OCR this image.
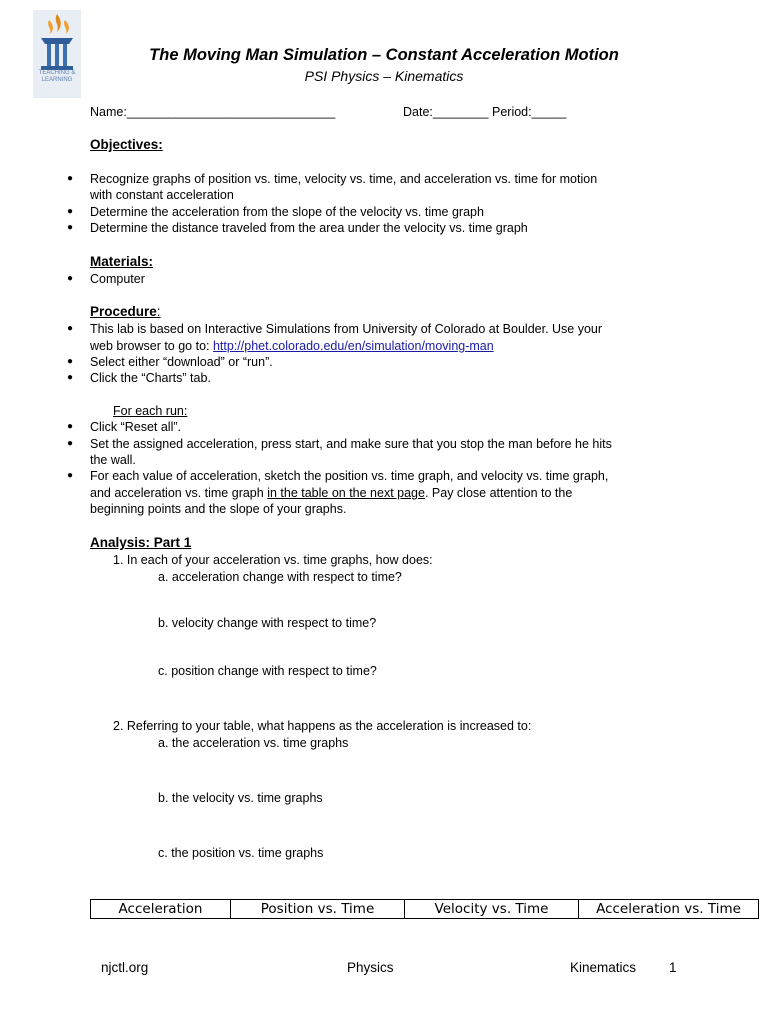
TEACHING & LEARNING
The Moving Man Simulation – Constant Acceleration Motion
PSI Physics – Kinematics
Name:______________________________	Date:________ Period:_____
Objectives:
● Recognize graphs of position vs. time, velocity vs. time, and acceleration vs. time for motion
with constant acceleration
● Determine the acceleration from the slope of the velocity vs. time graph
● Determine the distance traveled from the area under the velocity vs. time graph
Materials:
● Computer
Procedure:
● This lab is based on Interactive Simulations from University of Colorado at Boulder. Use your
web browser to go to: http://phet.colorado.edu/en/simulation/moving-man
● Select either “download” or “run”.
● Click the “Charts” tab.
For each run:
● Click “Reset all”.
● Set the assigned acceleration, press start, and make sure that you stop the man before he hits
the wall.
● For each value of acceleration, sketch the position vs. time graph, and velocity vs. time graph,
and acceleration vs. time graph in the table on the next page. Pay close attention to the
beginning points and the slope of your graphs.
Analysis: Part 1
1. In each of your acceleration vs. time graphs, how does:
a. acceleration change with respect to time?
b. velocity change with respect to time?
c. position change with respect to time?
2. Referring to your table, what happens as the acceleration is increased to:
a. the acceleration vs. time graphs
b. the velocity vs. time graphs
c. the position vs. time graphs
Acceleration	Position vs. Time	Velocity vs. Time	Acceleration vs. Time
njctl.org	Physics	Kinematics 1
